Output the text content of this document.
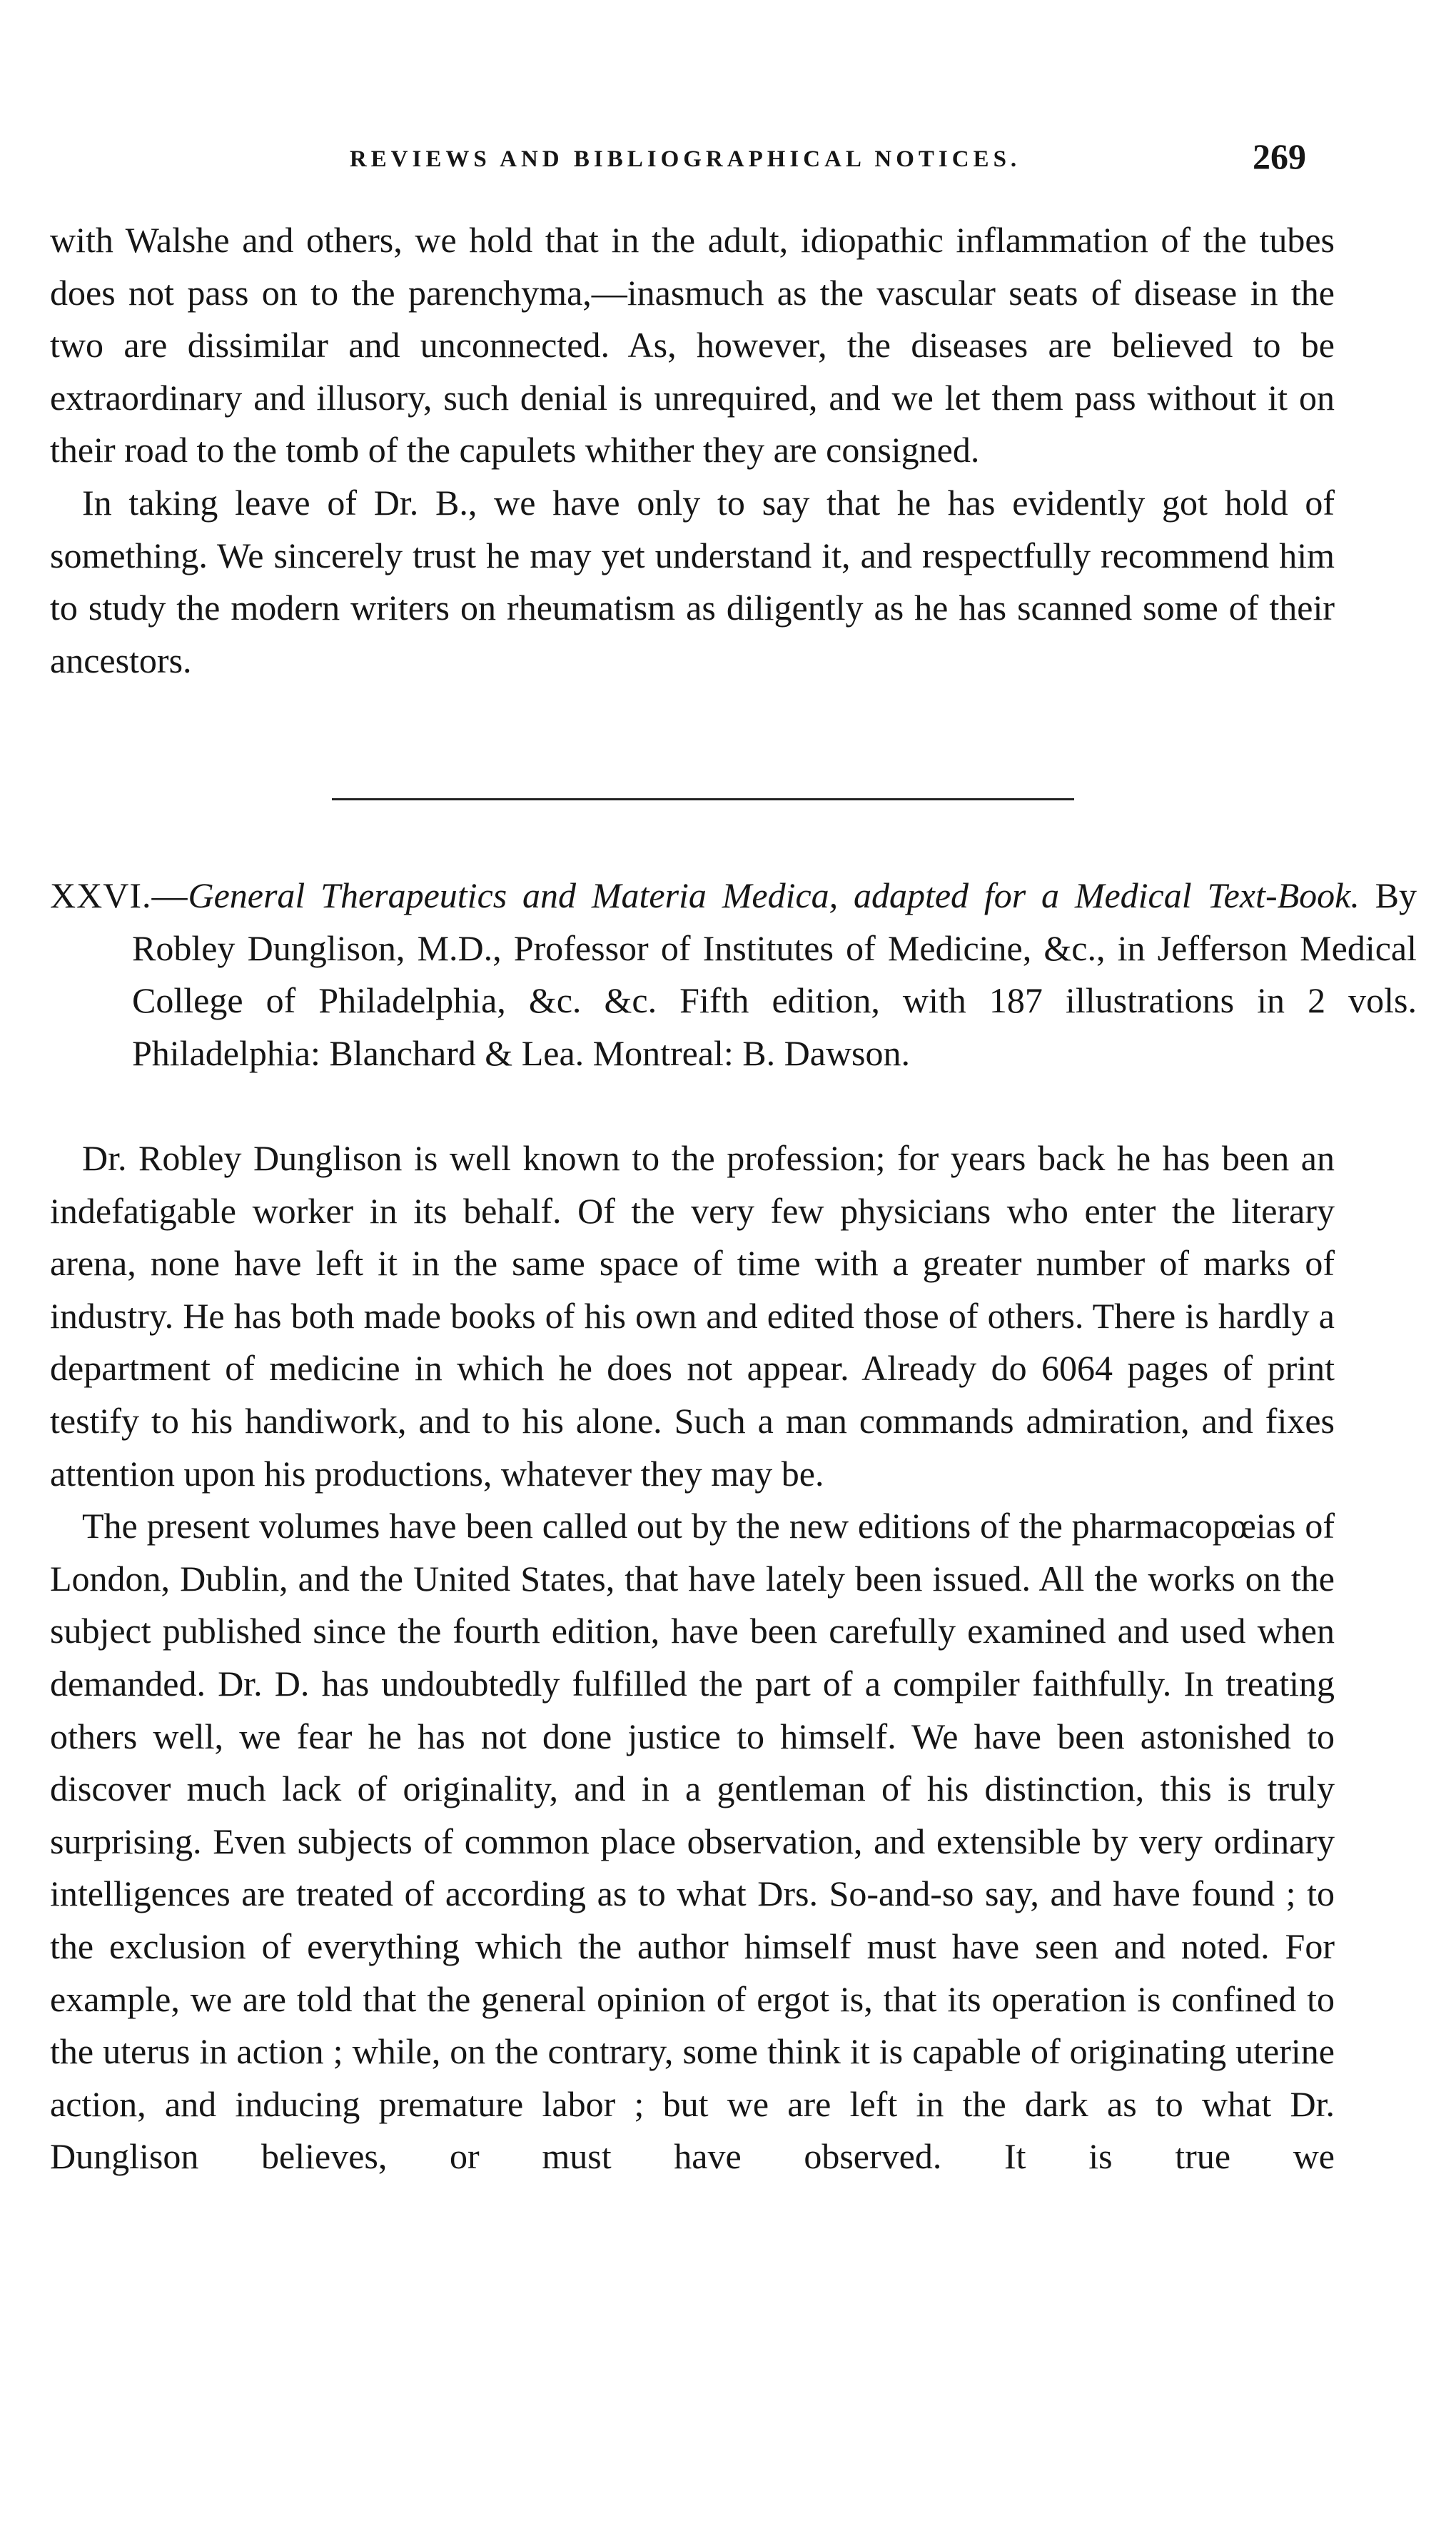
REVIEWS AND BIBLIOGRAPHICAL NOTICES.	269

with Walshe and others, we hold that in the adult, idiopathic inflammation of the tubes does not pass on to the parenchyma,—inasmuch as the vascular seats of disease in the two are dissimilar and unconnected. As, however, the diseases are believed to be extraordinary and illusory, such denial is unrequired, and we let them pass without it on their road to the tomb of the capulets whither they are consigned.

In taking leave of Dr. B., we have only to say that he has evidently got hold of something. We sincerely trust he may yet understand it, and respectfully recommend him to study the modern writers on rheumatism as diligently as he has scanned some of their ancestors.

XXVI.—General Therapeutics and Materia Medica, adapted for a Medical Text-Book. By Robley Dunglison, M.D., Professor of Institutes of Medicine, &c., in Jefferson Medical College of Philadelphia, &c. &c. Fifth edition, with 187 illustrations in 2 vols. Philadelphia: Blanchard & Lea. Montreal: B. Dawson.

Dr. Robley Dunglison is well known to the profession; for years back he has been an indefatigable worker in its behalf. Of the very few physicians who enter the literary arena, none have left it in the same space of time with a greater number of marks of industry. He has both made books of his own and edited those of others. There is hardly a department of medicine in which he does not appear. Already do 6064 pages of print testify to his handiwork, and to his alone. Such a man commands admiration, and fixes attention upon his productions, whatever they may be.

The present volumes have been called out by the new editions of the pharmacopœias of London, Dublin, and the United States, that have lately been issued. All the works on the subject published since the fourth edition, have been carefully examined and used when demanded. Dr. D. has undoubtedly fulfilled the part of a compiler faithfully. In treating others well, we fear he has not done justice to himself. We have been astonished to discover much lack of originality, and in a gentleman of his distinction, this is truly surprising. Even subjects of common place observation, and extensible by very ordinary intelligences are treated of according as to what Drs. So-and-so say, and have found ; to the exclusion of everything which the author himself must have seen and noted. For example, we are told that the general opinion of ergot is, that its operation is confined to the uterus in action ; while, on the contrary, some think it is capable of originating uterine action, and inducing premature labor ; but we are left in the dark as to what Dr. Dunglison believes, or must have observed. It is true we
